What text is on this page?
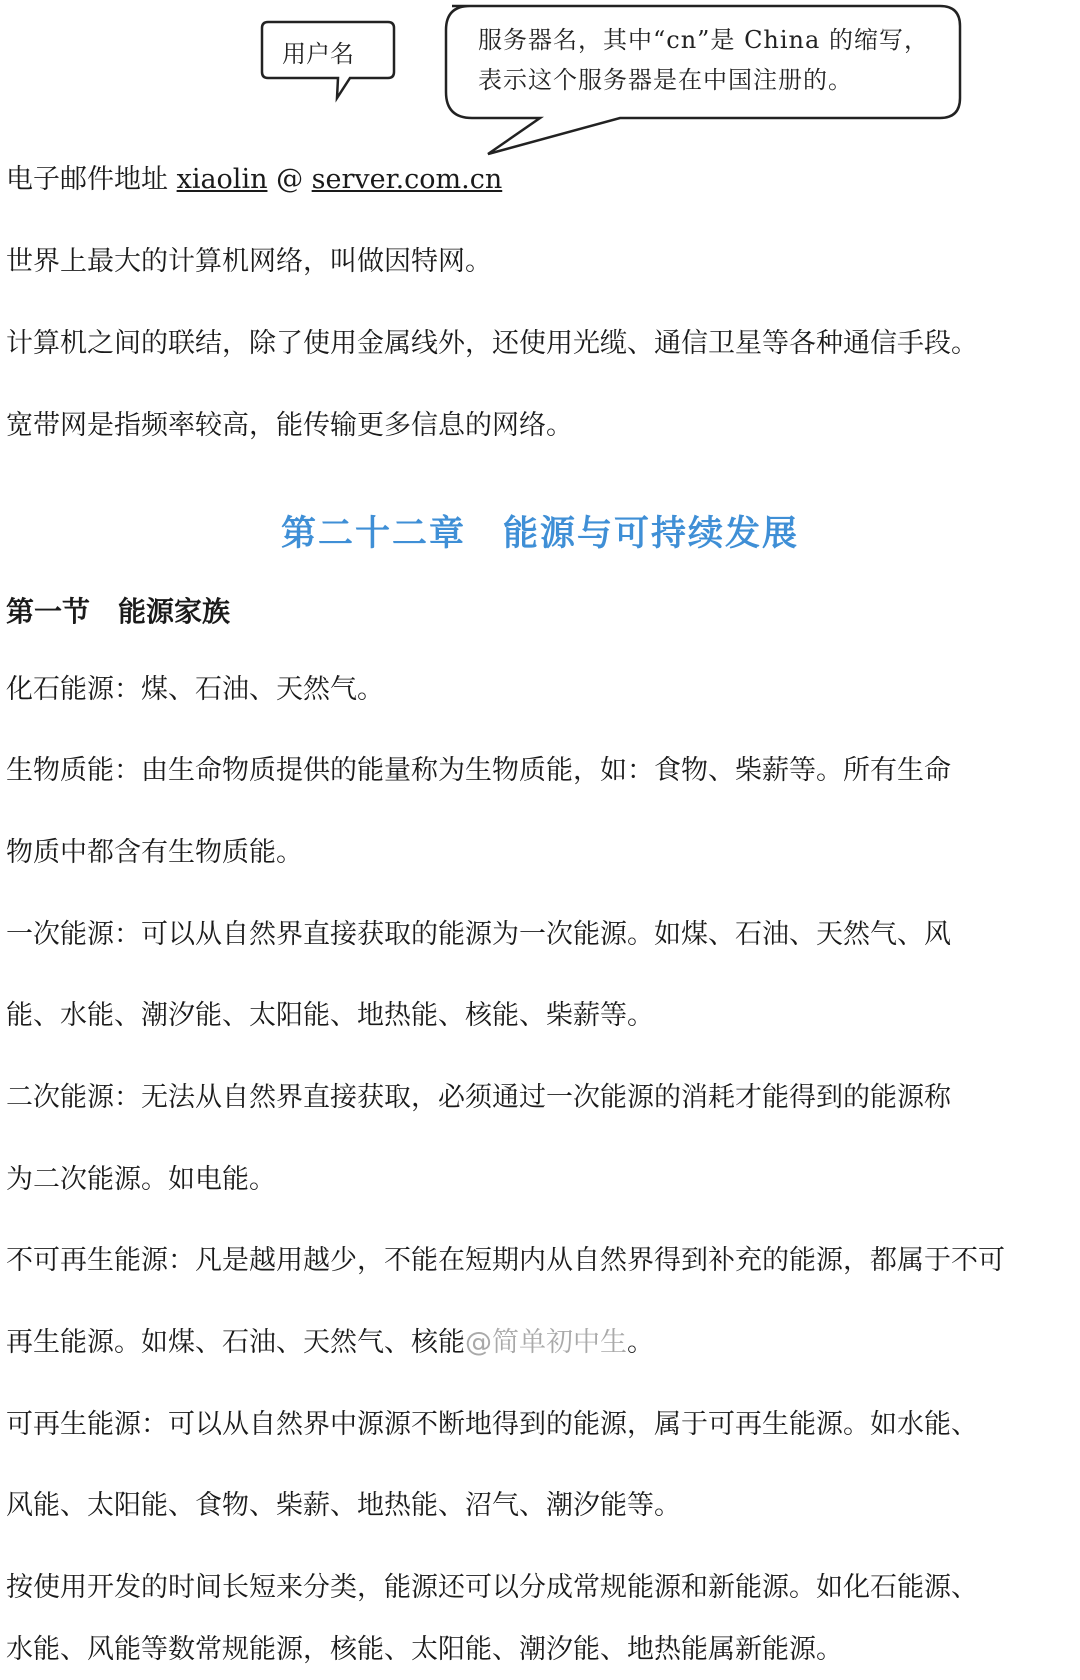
用户名	服务器名，其中“cn”是 China 的缩写，表示这个服务器是在中国注册的。
电子邮件地址 xiaolin @ server.com.cn
世界上最大的计算机网络，叫做因特网。
计算机之间的联结，除了使用金属线外，还使用光缆、通信卫星等各种通信手段。
宽带网是指频率较高，能传输更多信息的网络。
第二十二章　能源与可持续发展
第一节　能源家族
化石能源：煤、石油、天然气。
生物质能：由生命物质提供的能量称为生物质能，如：食物、柴薪等。所有生命
物质中都含有生物质能。
一次能源：可以从自然界直接获取的能源为一次能源。如煤、石油、天然气、风
能、水能、潮汐能、太阳能、地热能、核能、柴薪等。
二次能源：无法从自然界直接获取，必须通过一次能源的消耗才能得到的能源称
为二次能源。如电能。
不可再生能源：凡是越用越少，不能在短期内从自然界得到补充的能源，都属于不可
再生能源。如煤、石油、天然气、核能@简单初中生。
可再生能源：可以从自然界中源源不断地得到的能源，属于可再生能源。如水能、
风能、太阳能、食物、柴薪、地热能、沼气、潮汐能等。
按使用开发的时间长短来分类，能源还可以分成常规能源和新能源。如化石能源、
水能、风能等数常规能源，核能、太阳能、潮汐能、地热能属新能源。
